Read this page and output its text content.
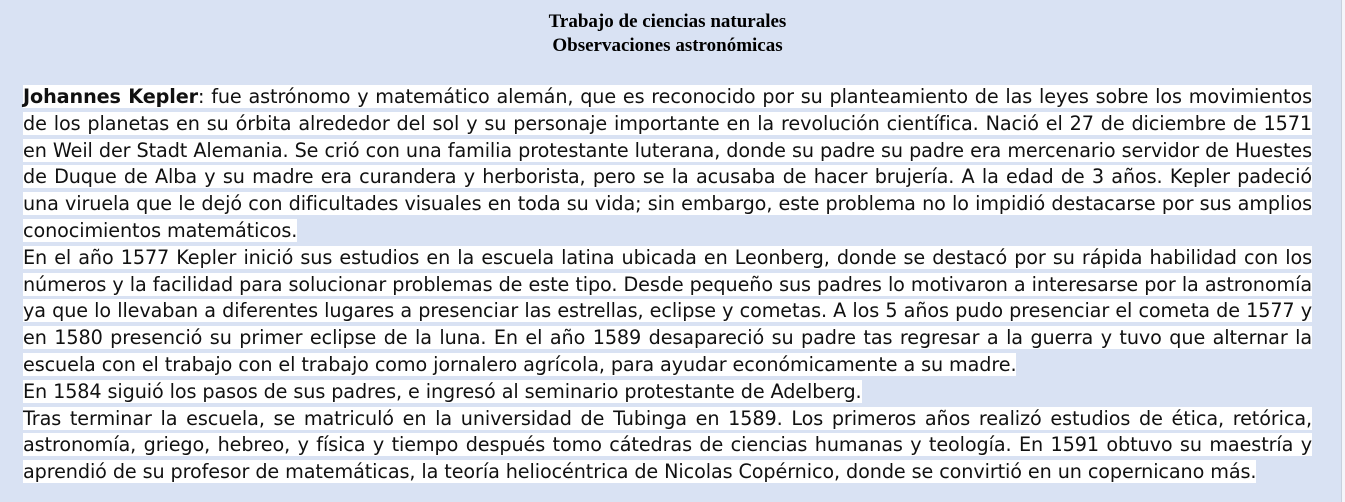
Trabajo de ciencias naturales
Observaciones astronómicas

Johannes Kepler: fue astrónomo y matemático alemán, que es reconocido por su planteamiento de las leyes sobre los movimientos de los planetas en su órbita alrededor del sol y su personaje importante en la revolución científica. Nació el 27 de diciembre de 1571 en Weil der Stadt Alemania. Se crió con una familia protestante luterana, donde su padre su padre era mercenario servidor de Huestes de Duque de Alba y su madre era curandera y herborista, pero se la acusaba de hacer brujería. A la edad de 3 años. Kepler padeció una viruela que le dejó con dificultades visuales en toda su vida; sin embargo, este problema no lo impidió destacarse por sus amplios conocimientos matemáticos.

En el año 1577 Kepler inició sus estudios en la escuela latina ubicada en Leonberg, donde se destacó por su rápida habilidad con los números y la facilidad para solucionar problemas de este tipo. Desde pequeño sus padres lo motivaron a interesarse por la astronomía ya que lo llevaban a diferentes lugares a presenciar las estrellas, eclipse y cometas. A los 5 años pudo presenciar el cometa de 1577 y en 1580 presenció su primer eclipse de la luna. En el año 1589 desapareció su padre tas regresar a la guerra y tuvo que alternar la escuela con el trabajo con el trabajo como jornalero agrícola, para ayudar económicamente a su madre.

En 1584 siguió los pasos de sus padres, e ingresó al seminario protestante de Adelberg.

Tras terminar la escuela, se matriculó en la universidad de Tubinga en 1589. Los primeros años realizó estudios de ética, retórica, astronomía, griego, hebreo, y física y tiempo después tomo cátedras de ciencias humanas y teología. En 1591 obtuvo su maestría y aprendió de su profesor de matemáticas, la teoría heliocéntrica de Nicolas Copérnico, donde se convirtió en un copernicano más.
